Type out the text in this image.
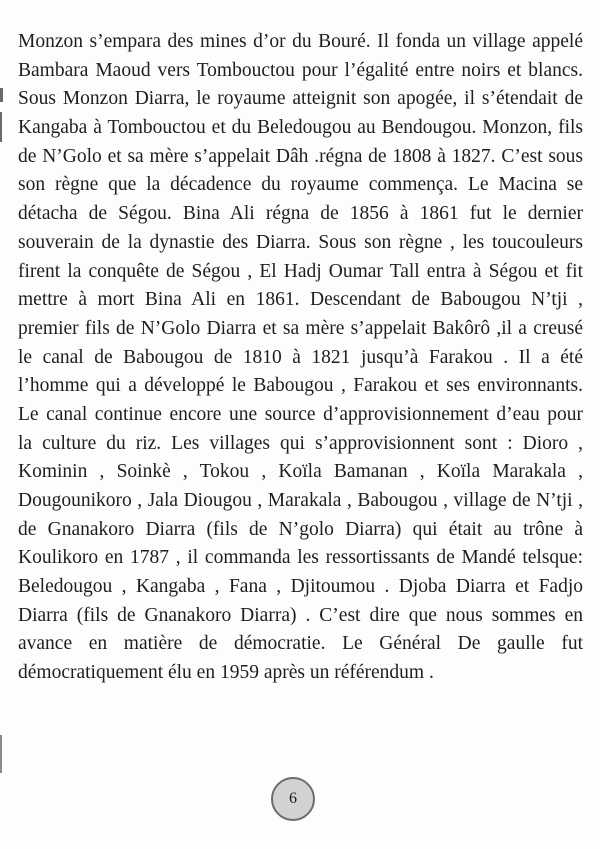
Monzon s’empara des mines d’or du Bouré. Il fonda un village appelé
Bambara Maoud vers Tombouctou pour l’égalité entre noirs et blancs.
Sous Monzon Diarra, le royaume atteignit son apogée, il s’étendait de
Kangaba à Tombouctou et du Beledougou au Bendougou. Monzon, fils
de N’Golo et sa mère s’appelait Dâh .régna de 1808 à 1827. C’est sous
son règne que la décadence du royaume commença. Le Macina se
détacha de Ségou. Bina Ali régna de 1856 à 1861 fut le dernier
souverain de la dynastie des Diarra. Sous son règne , les toucouleurs
firent la conquête de Ségou , El Hadj Oumar Tall entra à Ségou et fit
mettre à mort Bina Ali en 1861. Descendant de Babougou N’tji ,
premier fils de N’Golo Diarra et sa mère s’appelait Bakôrô ,il a creusé
le canal de Babougou de 1810 à 1821 jusqu’à Farakou . Il a été
l’homme qui a développé le Babougou , Farakou et ses environnants.
Le canal continue encore une source d’approvisionnement d’eau pour
la culture du riz. Les villages qui s’approvisionnent sont : Dioro ,
Kominin , Soinkè , Tokou , Koïla Bamanan , Koïla Marakala ,
Dougounikoro , Jala Diougou , Marakala , Babougou , village de N’tji ,
de Gnanakoro Diarra (fils de N’golo Diarra) qui était au trône à
Koulikoro en 1787 , il commanda les ressortissants de Mandé telsque:
Beledougou , Kangaba , Fana , Djitoumou . Djoba Diarra et Fadjo
Diarra (fils de Gnanakoro Diarra) . C’est dire que nous sommes en
avance en matière de démocratie. Le Général De gaulle fut
démocratiquement élu en 1959 après un référendum .
6
